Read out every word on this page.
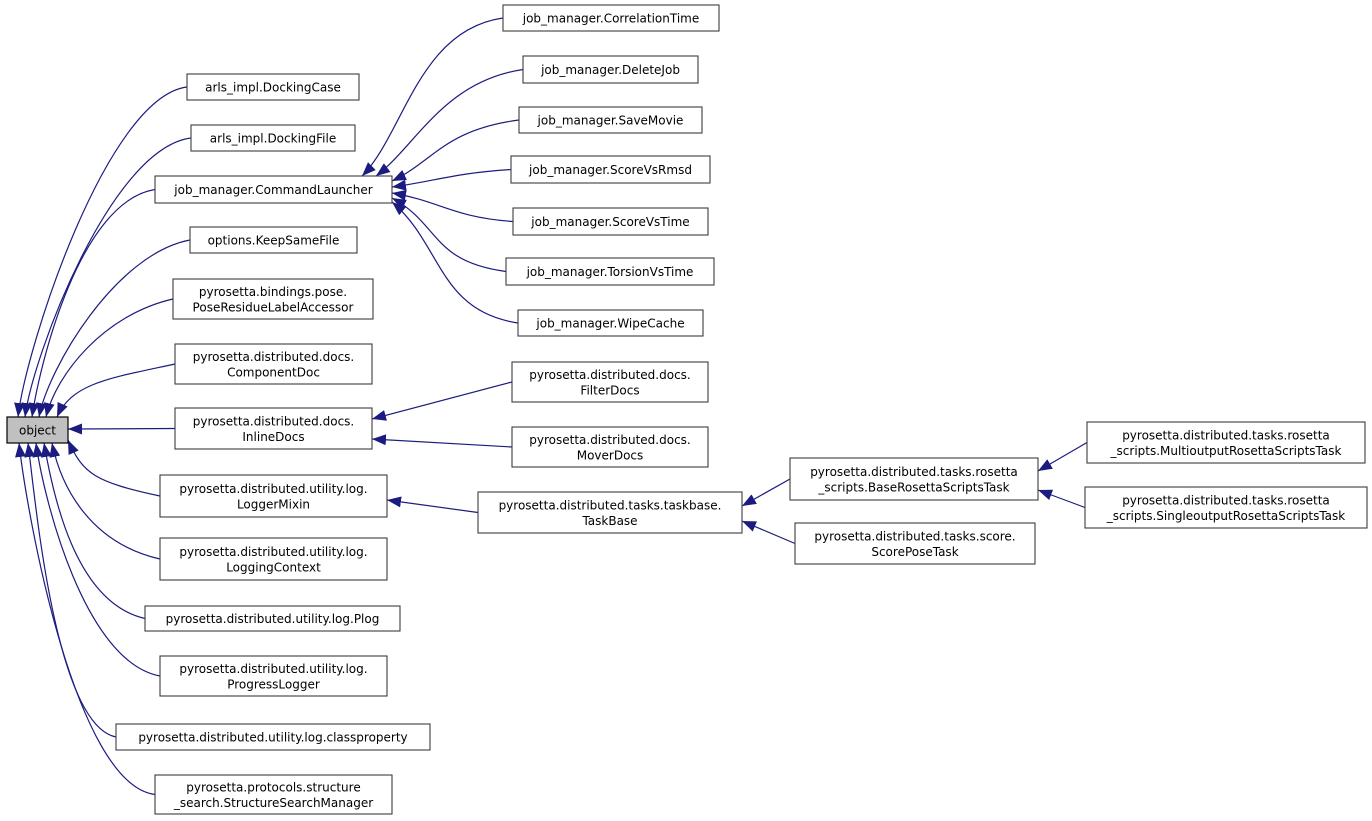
object
arls_impl.DockingCase
arls_impl.DockingFile
job_manager.CommandLauncher
options.KeepSameFile
pyrosetta.bindings.pose.
PoseResidueLabelAccessor
pyrosetta.distributed.docs.
ComponentDoc
pyrosetta.distributed.docs.
InlineDocs
pyrosetta.distributed.utility.log.
LoggerMixin
pyrosetta.distributed.utility.log.
LoggingContext
pyrosetta.distributed.utility.log.Plog
pyrosetta.distributed.utility.log.
ProgressLogger
pyrosetta.distributed.utility.log.classproperty
pyrosetta.protocols.structure
_search.StructureSearchManager
job_manager.CorrelationTime
job_manager.DeleteJob
job_manager.SaveMovie
job_manager.ScoreVsRmsd
job_manager.ScoreVsTime
job_manager.TorsionVsTime
job_manager.WipeCache
pyrosetta.distributed.docs.
FilterDocs
pyrosetta.distributed.docs.
MoverDocs
pyrosetta.distributed.tasks.taskbase.
TaskBase
pyrosetta.distributed.tasks.rosetta
_scripts.BaseRosettaScriptsTask
pyrosetta.distributed.tasks.score.
ScorePoseTask
pyrosetta.distributed.tasks.rosetta
_scripts.MultioutputRosettaScriptsTask
pyrosetta.distributed.tasks.rosetta
_scripts.SingleoutputRosettaScriptsTask
